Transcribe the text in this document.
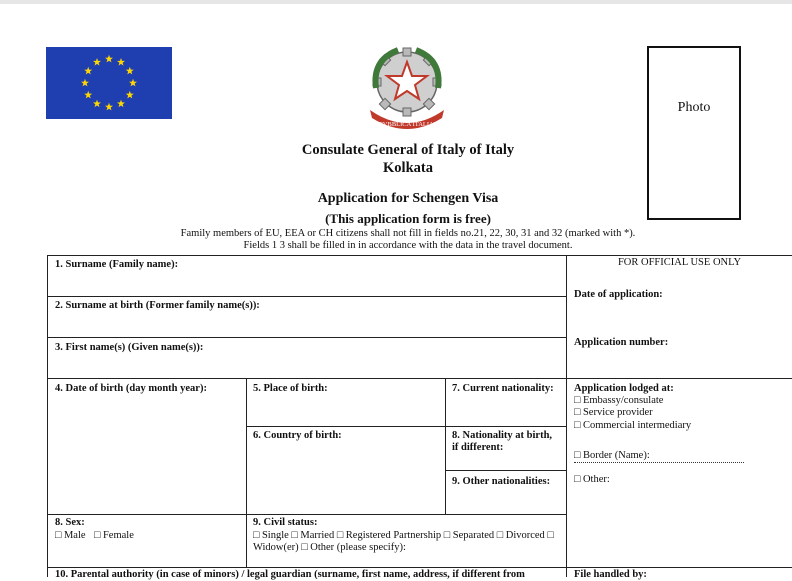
REPVBBLICA ITALIANA
Photo
Consulate General of Italy of Italy
Kolkata
Application for Schengen Visa
(This application form is free)
Family members of EU, EEA or CH citizens shall not fill in fields no.21, 22, 30, 31 and 32 (marked with *).
Fields 1 3 shall be filled in in accordance with the data in the travel document.
1. Surname (Family name):
2. Surname at birth (Former family name(s)):
3. First name(s) (Given name(s)):
4. Date of birth (day month year):	5. Place of birth:	7. Current nationality:
6. Country of birth:	8. Nationality at birth,
if different:
9. Other nationalities:
8. Sex:
□ Male □ Female
9. Civil status:
□ Single □ Married □ Registered Partnership □ Separated □ Divorced □
Widow(er) □ Other (please specify):
10. Parental authority (in case of minors) / legal guardian (surname, first name, address, if different from
FOR OFFICIAL USE ONLY
Date of application:
Application number:
Application lodged at:
□ Embassy/consulate
□ Service provider
□ Commercial intermediary
□ Border (Name):
□ Other:
File handled by:
